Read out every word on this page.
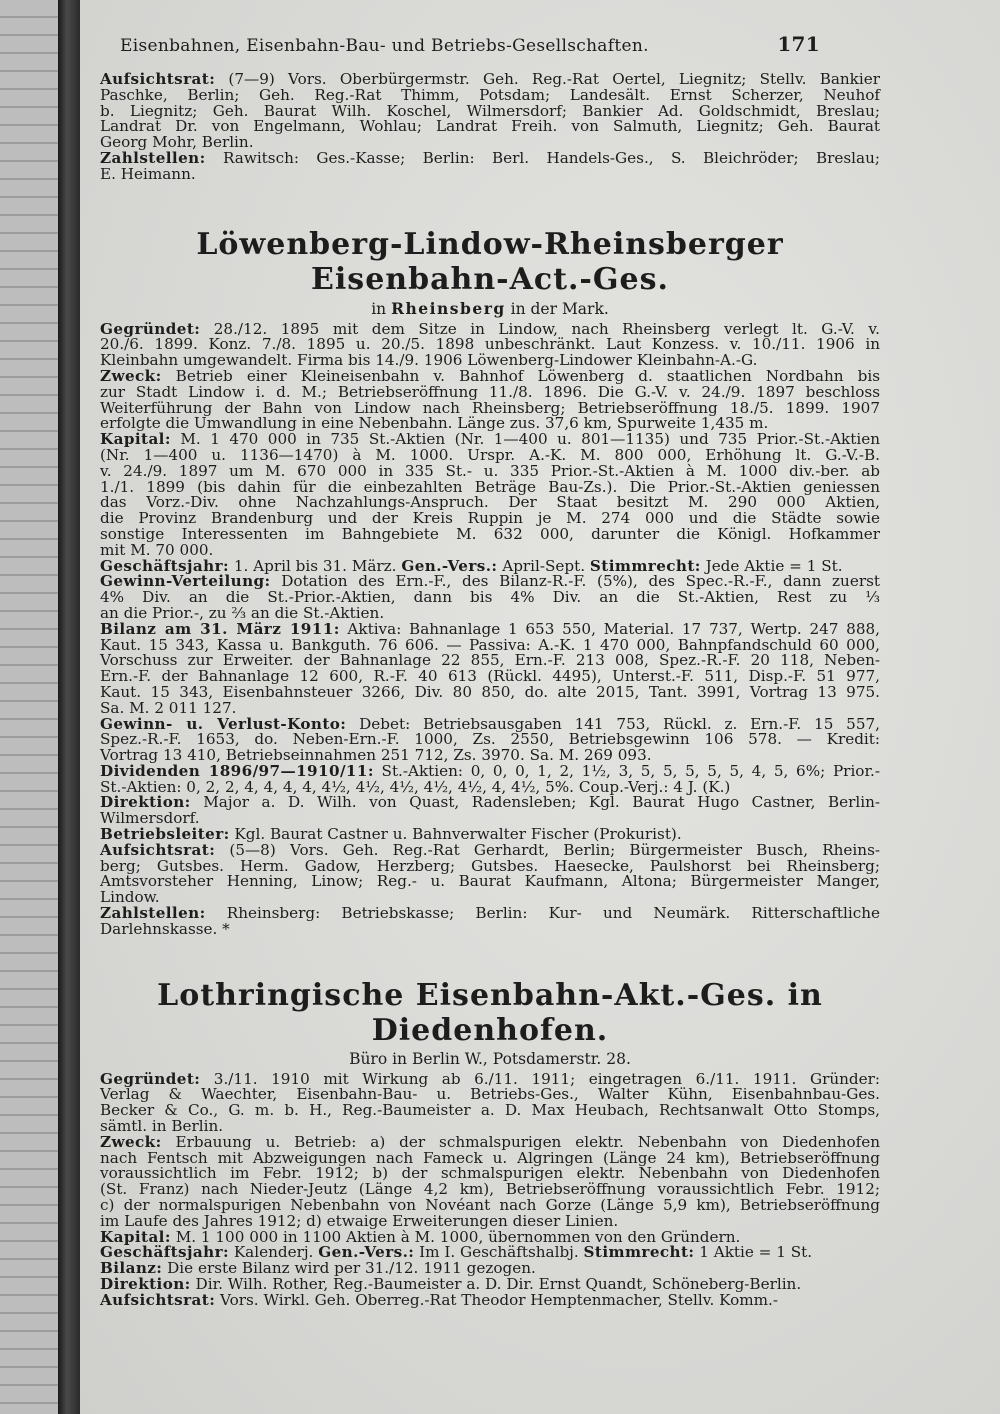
Eisenbahnen, Eisenbahn-Bau- und Betriebs-Gesellschaften.	171
Aufsichtsrat: (7—9) Vors. Oberbürgermstr. Geh. Reg.-Rat Oertel, Liegnitz; Stellv. Bankier
Paschke, Berlin; Geh. Reg.-Rat Thimm, Potsdam; Landesält. Ernst Scherzer, Neuhof
b. Liegnitz; Geh. Baurat Wilh. Koschel, Wilmersdorf; Bankier Ad. Goldschmidt, Breslau;
Landrat Dr. von Engelmann, Wohlau; Landrat Freih. von Salmuth, Liegnitz; Geh. Baurat
Georg Mohr, Berlin.
Zahlstellen: Rawitsch: Ges.-Kasse; Berlin: Berl. Handels-Ges., S. Bleichröder; Breslau;
E. Heimann.
Löwenberg-Lindow-Rheinsberger Eisenbahn-Act.-Ges.
in Rheinsberg in der Mark.
Gegründet: 28./12. 1895 mit dem Sitze in Lindow, nach Rheinsberg verlegt lt. G.-V. v.
20./6. 1899. Konz. 7./8. 1895 u. 20./5. 1898 unbeschränkt. Laut Konzess. v. 10./11. 1906 in
Kleinbahn umgewandelt. Firma bis 14./9. 1906 Löwenberg-Lindower Kleinbahn-A.-G.
Zweck: Betrieb einer Kleineisenbahn v. Bahnhof Löwenberg d. staatlichen Nordbahn bis
zur Stadt Lindow i. d. M.; Betriebseröffnung 11./8. 1896. Die G.-V. v. 24./9. 1897 beschloss
Weiterführung der Bahn von Lindow nach Rheinsberg; Betriebseröffnung 18./5. 1899. 1907
erfolgte die Umwandlung in eine Nebenbahn. Länge zus. 37,6 km, Spurweite 1,435 m.
Kapital: M. 1 470 000 in 735 St.-Aktien (Nr. 1—400 u. 801—1135) und 735 Prior.-St.-Aktien
(Nr. 1—400 u. 1136—1470) à M. 1000. Urspr. A.-K. M. 800 000, Erhöhung lt. G.-V.-B.
v. 24./9. 1897 um M. 670 000 in 335 St.- u. 335 Prior.-St.-Aktien à M. 1000 div.-ber. ab
1./1. 1899 (bis dahin für die einbezahlten Beträge Bau-Zs.). Die Prior.-St.-Aktien geniessen
das Vorz.-Div. ohne Nachzahlungs-Anspruch. Der Staat besitzt M. 290 000 Aktien,
die Provinz Brandenburg und der Kreis Ruppin je M. 274 000 und die Städte sowie
sonstige Interessenten im Bahngebiete M. 632 000, darunter die Königl. Hofkammer
mit M. 70 000.
Geschäftsjahr: 1. April bis 31. März. Gen.-Vers.: April-Sept. Stimmrecht: Jede Aktie = 1 St.
Gewinn-Verteilung: Dotation des Ern.-F., des Bilanz-R.-F. (5%), des Spec.-R.-F., dann zuerst
4% Div. an die St.-Prior.-Aktien, dann bis 4% Div. an die St.-Aktien, Rest zu ⅓
an die Prior.-, zu ⅔ an die St.-Aktien.
Bilanz am 31. März 1911: Aktiva: Bahnanlage 1 653 550, Material. 17 737, Wertp. 247 888,
Kaut. 15 343, Kassa u. Bankguth. 76 606. — Passiva: A.-K. 1 470 000, Bahnpfandschuld 60 000,
Vorschuss zur Erweiter. der Bahnanlage 22 855, Ern.-F. 213 008, Spez.-R.-F. 20 118, Neben-
Ern.-F. der Bahnanlage 12 600, R.-F. 40 613 (Rückl. 4495), Unterst.-F. 511, Disp.-F. 51 977,
Kaut. 15 343, Eisenbahnsteuer 3266, Div. 80 850, do. alte 2015, Tant. 3991, Vortrag 13 975.
Sa. M. 2 011 127.
Gewinn- u. Verlust-Konto: Debet: Betriebsausgaben 141 753, Rückl. z. Ern.-F. 15 557,
Spez.-R.-F. 1653, do. Neben-Ern.-F. 1000, Zs. 2550, Betriebsgewinn 106 578. — Kredit:
Vortrag 13 410, Betriebseinnahmen 251 712, Zs. 3970. Sa. M. 269 093.
Dividenden 1896/97—1910/11: St.-Aktien: 0, 0, 0, 1, 2, 1½, 3, 5, 5, 5, 5, 5, 4, 5, 6%; Prior.-
St.-Aktien: 0, 2, 2, 4, 4, 4, 4, 4½, 4½, 4½, 4½, 4½, 4, 4½, 5%. Coup.-Verj.: 4 J. (K.)
Direktion: Major a. D. Wilh. von Quast, Radensleben; Kgl. Baurat Hugo Castner, Berlin-
Wilmersdorf.
Betriebsleiter: Kgl. Baurat Castner u. Bahnverwalter Fischer (Prokurist).
Aufsichtsrat: (5—8) Vors. Geh. Reg.-Rat Gerhardt, Berlin; Bürgermeister Busch, Rheins-
berg; Gutsbes. Herm. Gadow, Herzberg; Gutsbes. Haesecke, Paulshorst bei Rheinsberg;
Amtsvorsteher Henning, Linow; Reg.- u. Baurat Kaufmann, Altona; Bürgermeister Manger,
Lindow.
Zahlstellen: Rheinsberg: Betriebskasse; Berlin: Kur- und Neumärk. Ritterschaftliche
Darlehnskasse. *
Lothringische Eisenbahn-Akt.-Ges. in Diedenhofen.
Büro in Berlin W., Potsdamerstr. 28.
Gegründet: 3./11. 1910 mit Wirkung ab 6./11. 1911; eingetragen 6./11. 1911. Gründer:
Verlag & Waechter, Eisenbahn-Bau- u. Betriebs-Ges., Walter Kühn, Eisenbahnbau-Ges.
Becker & Co., G. m. b. H., Reg.-Baumeister a. D. Max Heubach, Rechtsanwalt Otto Stomps,
sämtl. in Berlin.
Zweck: Erbauung u. Betrieb: a) der schmalspurigen elektr. Nebenbahn von Diedenhofen
nach Fentsch mit Abzweigungen nach Fameck u. Algringen (Länge 24 km), Betriebseröffnung
voraussichtlich im Febr. 1912; b) der schmalspurigen elektr. Nebenbahn von Diedenhofen
(St. Franz) nach Nieder-Jeutz (Länge 4,2 km), Betriebseröffnung voraussichtlich Febr. 1912;
c) der normalspurigen Nebenbahn von Novéant nach Gorze (Länge 5,9 km), Betriebseröffnung
im Laufe des Jahres 1912; d) etwaige Erweiterungen dieser Linien.
Kapital: M. 1 100 000 in 1100 Aktien à M. 1000, übernommen von den Gründern.
Geschäftsjahr: Kalenderj. Gen.-Vers.: Im I. Geschäftshalbj. Stimmrecht: 1 Aktie = 1 St.
Bilanz: Die erste Bilanz wird per 31./12. 1911 gezogen.
Direktion: Dir. Wilh. Rother, Reg.-Baumeister a. D. Dir. Ernst Quandt, Schöneberg-Berlin.
Aufsichtsrat: Vors. Wirkl. Geh. Oberreg.-Rat Theodor Hemptenmacher, Stellv. Komm.-
